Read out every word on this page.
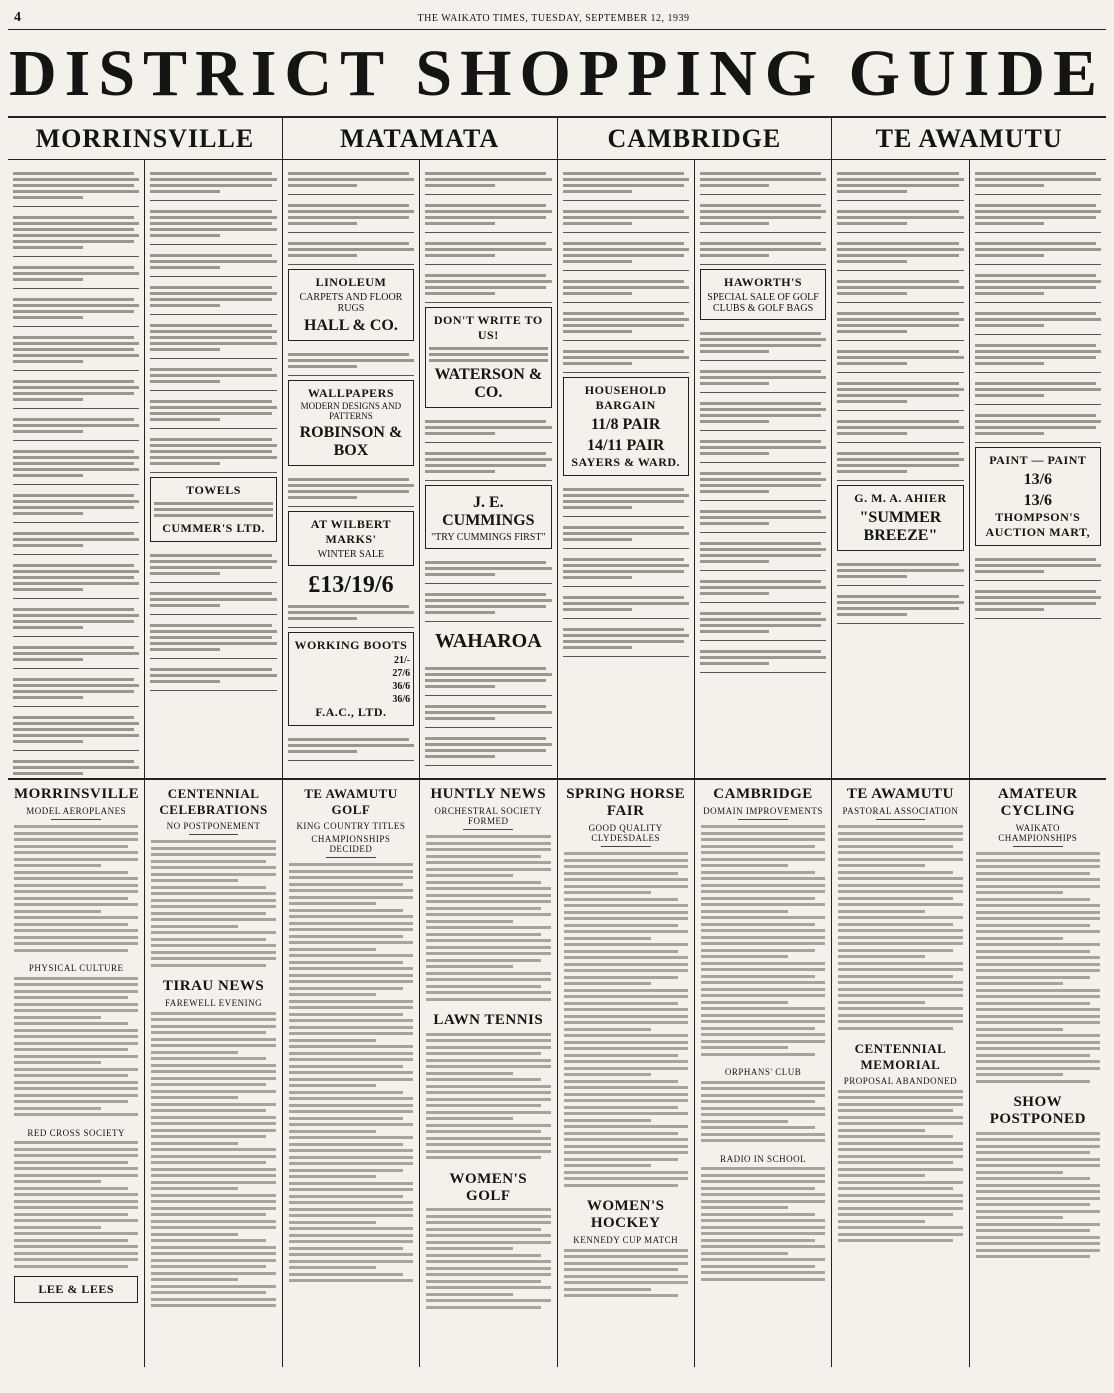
4	THE WAIKATO TIMES, TUESDAY, SEPTEMBER 12, 1939
DISTRICT SHOPPING GUIDE
MORRINSVILLE	MATAMATA	CAMBRIDGE	TE AWAMUTU
TOWELS
CUMMER'S LTD.
LINOLEUM
CARPETS AND FLOOR RUGS
HALL & CO.
WALLPAPERS
MODERN DESIGNS AND PATTERNS
ROBINSON & BOX
AT WILBERT MARKS'
WINTER SALE
£13/19/6
WORKING BOOTS
21/-
27/6
36/6
36/6
F.A.C., LTD.
DON'T WRITE TO US!
WATERSON & CO.
J. E. CUMMINGS
"TRY CUMMINGS FIRST"
WAHAROA
HOUSEHOLD BARGAIN
11/8 PAIR
14/11 PAIR
SAYERS & WARD.
HAWORTH'S
SPECIAL SALE OF GOLF CLUBS & GOLF BAGS
G. M. A. AHIER
"SUMMER BREEZE"
PAINT — PAINT
13/6
13/6
THOMPSON'S AUCTION MART,
MORRINSVILLE
MODEL AEROPLANES
PHYSICAL CULTURE
RED CROSS SOCIETY
LEE & LEES
CENTENNIAL CELEBRATIONS
NO POSTPONEMENT
TIRAU NEWS
FAREWELL EVENING
TE AWAMUTU GOLF
KING COUNTRY TITLES
CHAMPIONSHIPS DECIDED
HUNTLY NEWS
ORCHESTRAL SOCIETY FORMED
LAWN TENNIS
WOMEN'S GOLF
SPRING HORSE FAIR
GOOD QUALITY CLYDESDALES
WOMEN'S HOCKEY
KENNEDY CUP MATCH
CAMBRIDGE
DOMAIN IMPROVEMENTS
ORPHANS' CLUB
RADIO IN SCHOOL
TE AWAMUTU
PASTORAL ASSOCIATION
CENTENNIAL MEMORIAL
PROPOSAL ABANDONED
AMATEUR CYCLING
WAIKATO CHAMPIONSHIPS
SHOW POSTPONED
